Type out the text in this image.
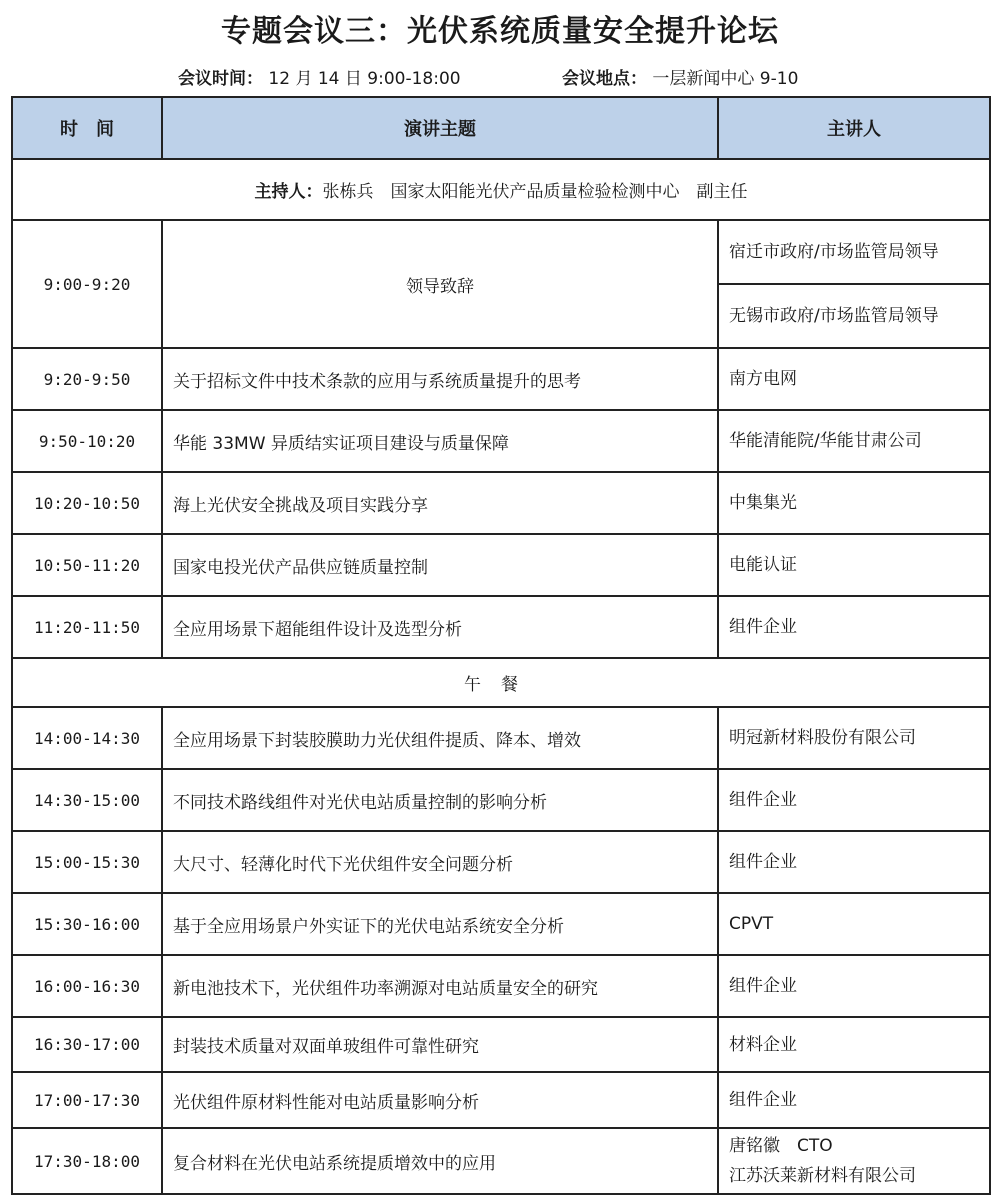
专题会议三：光伏系统质量安全提升论坛
会议时间： 12 月 14 日 9:00-18:00	会议地点： 一层新闻中心 9-10
时　间	演讲主题	主讲人
主持人：张栋兵　国家太阳能光伏产品质量检验检测中心　副主任		
9:00-9:20	领导致辞	宿迁市政府/市场监管局领导
		无锡市政府/市场监管局领导
9:20-9:50	关于招标文件中技术条款的应用与系统质量提升的思考	南方电网
9:50-10:20	华能 33MW 异质结实证项目建设与质量保障	华能清能院/华能甘肃公司
10:20-10:50	海上光伏安全挑战及项目实践分享	中集集光
10:50-11:20	国家电投光伏产品供应链质量控制	电能认证
11:20-11:50	全应用场景下超能组件设计及选型分析	组件企业
午餐		
14:00-14:30	全应用场景下封装胶膜助力光伏组件提质、降本、增效	明冠新材料股份有限公司
14:30-15:00	不同技术路线组件对光伏电站质量控制的影响分析	组件企业
15:00-15:30	大尺寸、轻薄化时代下光伏组件安全问题分析	组件企业
15:30-16:00	基于全应用场景户外实证下的光伏电站系统安全分析	CPVT
16:00-16:30	新电池技术下，光伏组件功率溯源对电站质量安全的研究	组件企业
16:30-17:00	封装技术质量对双面单玻组件可靠性研究	材料企业
17:00-17:30	光伏组件原材料性能对电站质量影响分析	组件企业
17:30-18:00	复合材料在光伏电站系统提质增效中的应用	唐铭徽　CTO
江苏沃莱新材料有限公司
